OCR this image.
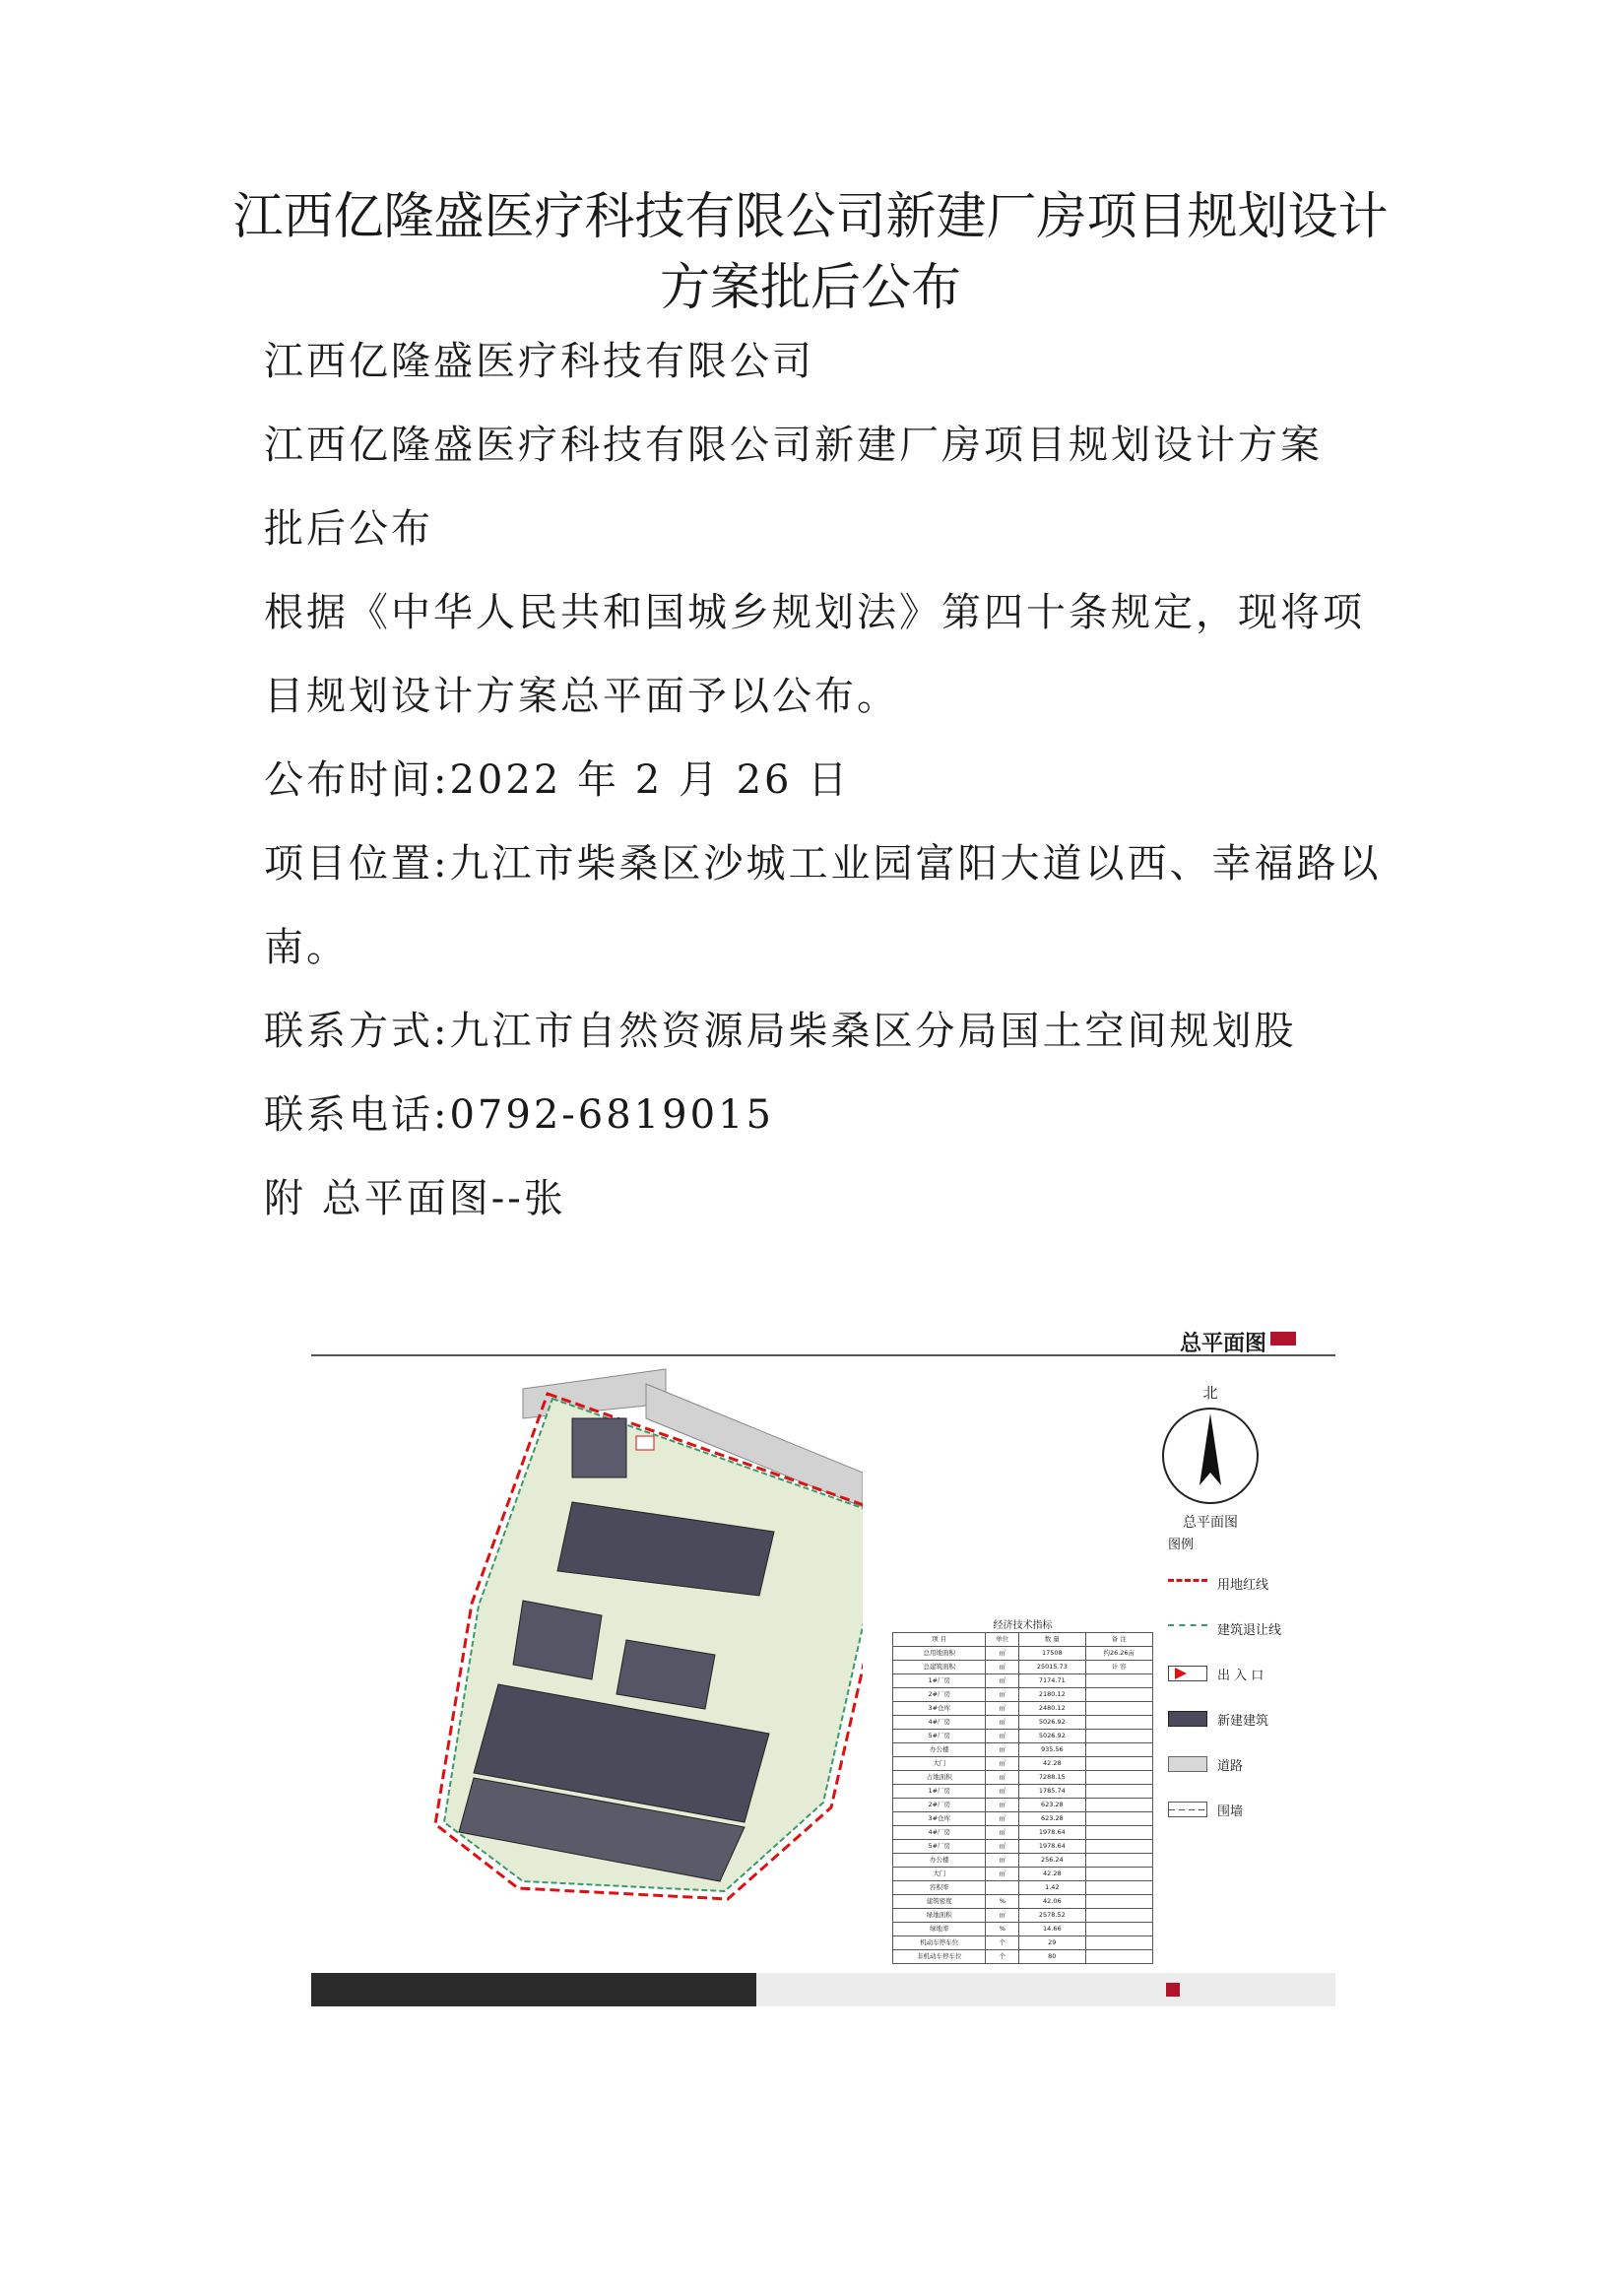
江西亿隆盛医疗科技有限公司新建厂房项目规划设计
方案批后公布

江西亿隆盛医疗科技有限公司

江西亿隆盛医疗科技有限公司新建厂房项目规划设计方案

批后公布

根据《中华人民共和国城乡规划法》第四十条规定，现将项

目规划设计方案总平面予以公布。

公布时间:2022 年 2 月 26 日

项目位置:九江市柴桑区沙城工业园富阳大道以西、幸福路以

南。

联系方式:九江市自然资源局柴桑区分局国土空间规划股

联系电话:0792-6819015

附 总平面图--张

总平面图
北
总平面图
图例
用地红线
建筑退让线
出 入 口
新建建筑
道路
围墙
经济技术指标
项 目	单位	数 量	备 注
总用地面积	㎡	17508	约26.26亩
总建筑面积	㎡	25015.73	计 容
1#厂房	㎡	7174.71	
2#厂房	㎡	2180.12	
3#仓库	㎡	2480.12	
4#厂房	㎡	5026.92	
5#厂房	㎡	5026.92	
办公楼	㎡	935.56	
大门	㎡	42.28	
占地面积	㎡	7288.15	
1#厂房	㎡	1785.74	
2#厂房	㎡	623.28	
3#仓库	㎡	623.28	
4#厂房	㎡	1978.64	
5#厂房	㎡	1978.64	
办公楼	㎡	256.24	
大门	㎡	42.28	
容积率		1.42	
建筑密度	%	42.06	
绿地面积	㎡	2578.52	
绿地率	%	14.66	
机动车停车位	个	29	
非机动车停车位	个	80	
